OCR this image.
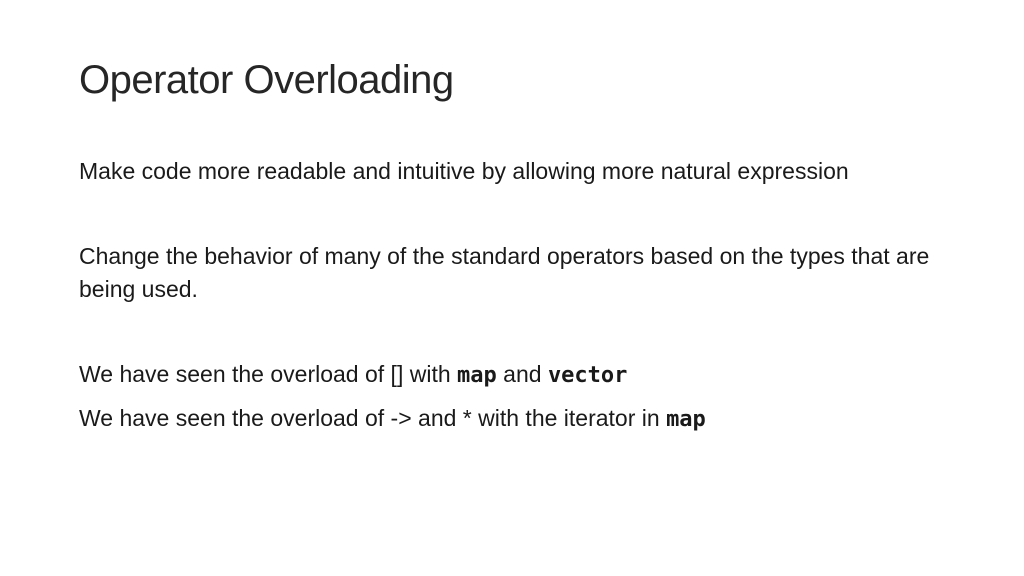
Operator Overloading

Make code more readable and intuitive by allowing more natural expression

Change the behavior of many of the standard operators based on the types that are being used.

We have seen the overload of [] with map and vector

We have seen the overload of -> and * with the iterator in map
